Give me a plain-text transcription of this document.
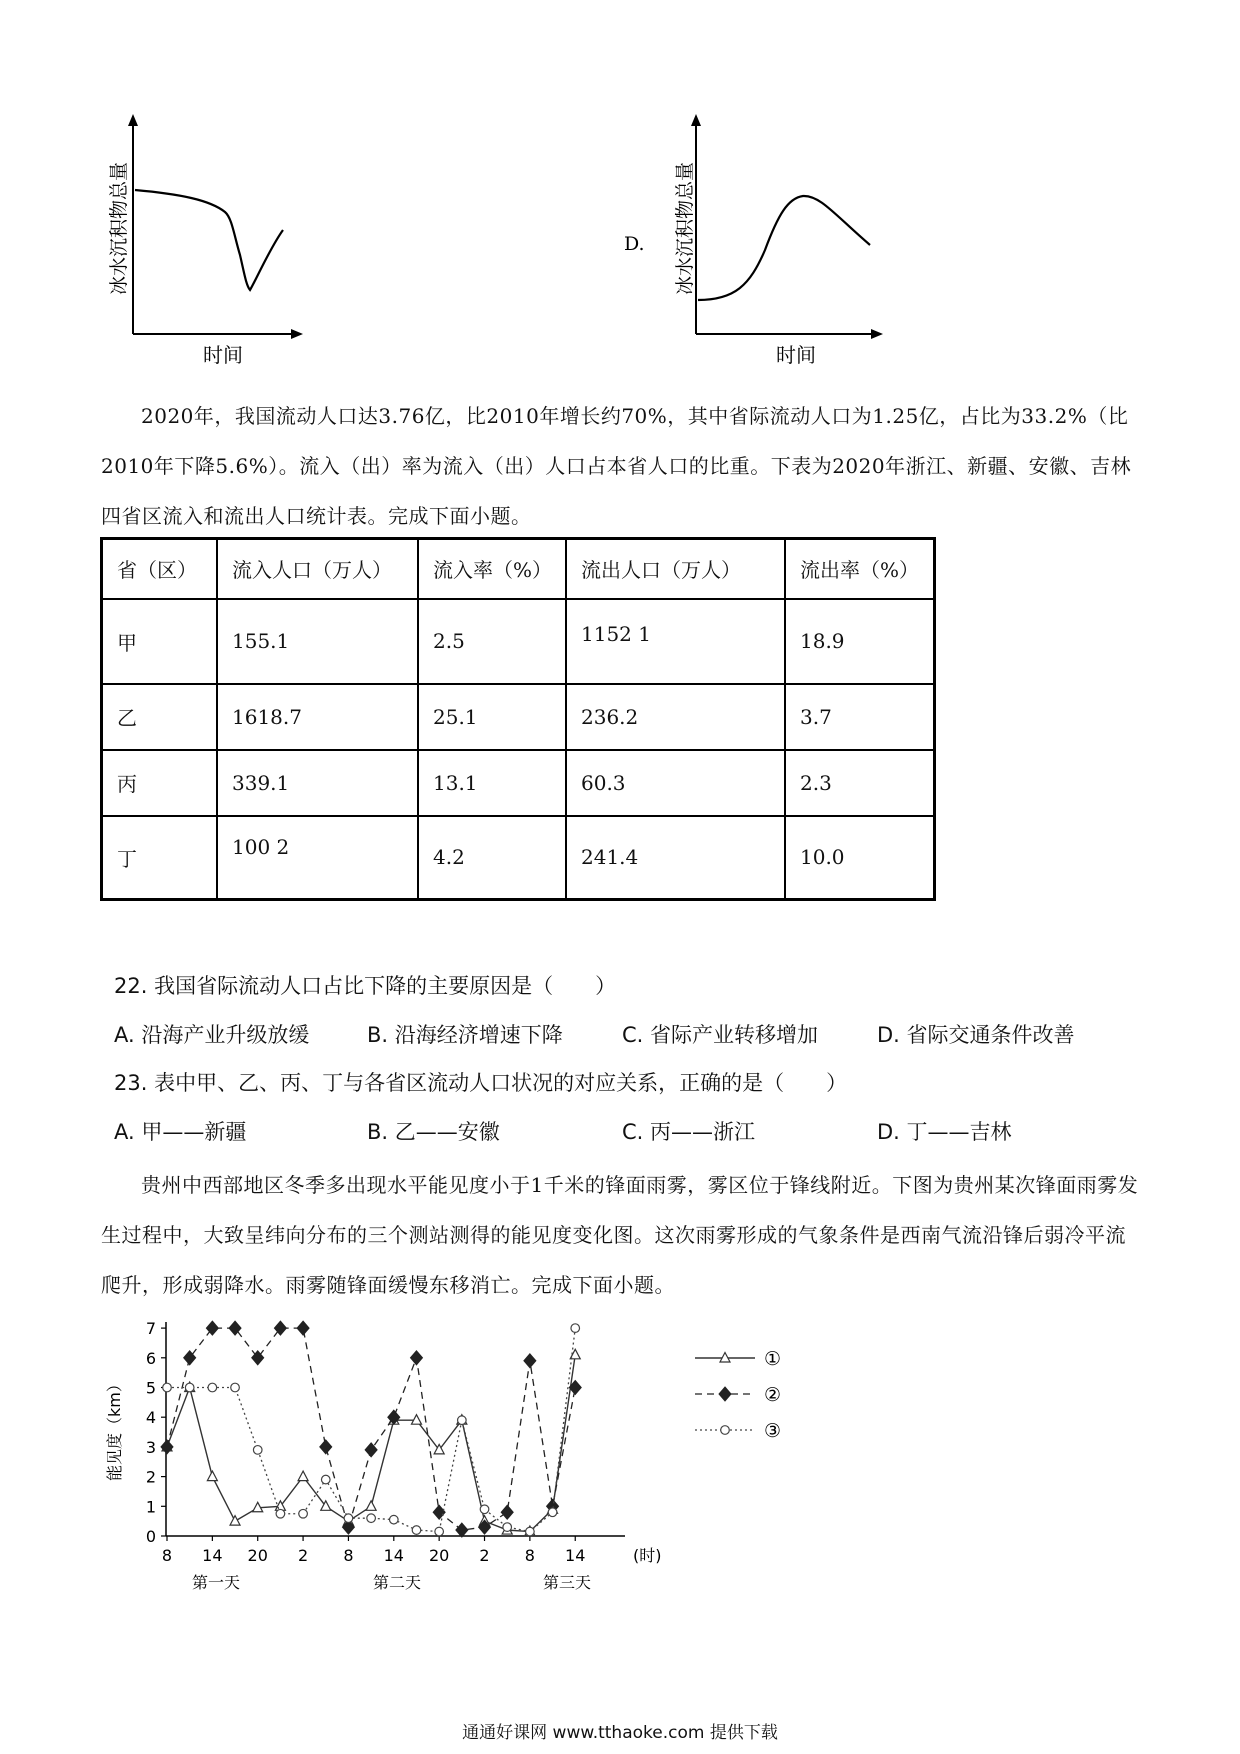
冰水沉积物总量
时间
D. 冰水沉积物总量
时间
2020年，我国流动人口达3.76亿，比2010年增长约70%，其中省际流动人口为1.25亿，占比为33.2%（比2010年下降5.6%）。流入（出）率为流入（出）人口占本省人口的比重。下表为2020年浙江、新疆、安徽、吉林四省区流入和流出人口统计表。完成下面小题。
省（区）	流入人口（万人）	流入率（%）	流出人口（万人）	流出率（%）
甲	155.1	2.5	1152 1	18.9
乙	1618.7	25.1	236.2	3.7
丙	339.1	13.1	60.3	2.3
丁	100 2	4.2	241.4	10.0
22. 我国省际流动人口占比下降的主要原因是（　　）
A. 沿海产业升级放缓	B. 沿海经济增速下降	C. 省际产业转移增加	D. 省际交通条件改善
23. 表中甲、乙、丙、丁与各省区流动人口状况的对应关系，正确的是（　　）
A. 甲——新疆	B. 乙——安徽	C. 丙——浙江	D. 丁——吉林
贵州中西部地区冬季多出现水平能见度小于1千米的锋面雨雾，雾区位于锋线附近。下图为贵州某次锋面雨雾发生过程中，大致呈纬向分布的三个测站测得的能见度变化图。这次雨雾形成的气象条件是西南气流沿锋后弱冷平流爬升，形成弱降水。雨雾随锋面缓慢东移消亡。完成下面小题。
能见度（km）
0
1
2
3
4
5
6
7
8 14 20 2 8 14 20 2 8 14	(时)
第一天	第二天	第三天
①
②
③
通通好课网 www.tthaoke.com 提供下载
